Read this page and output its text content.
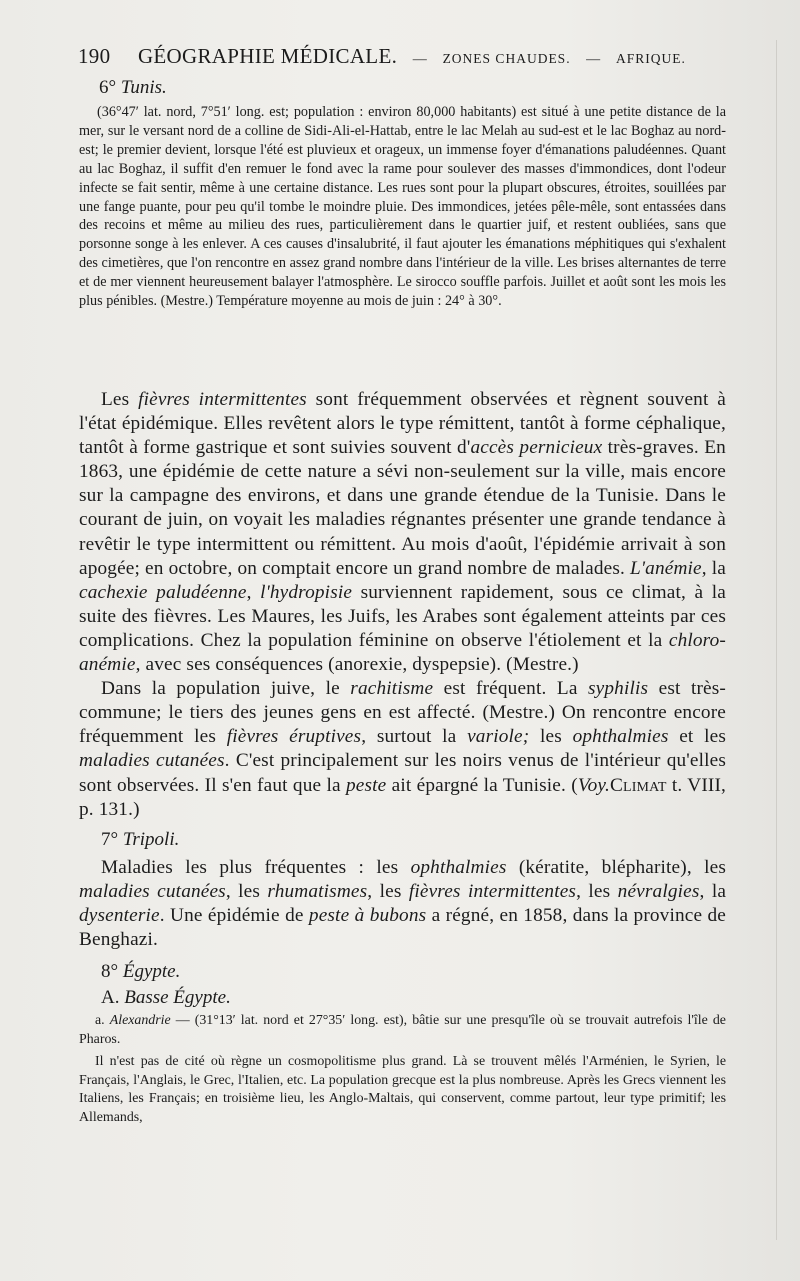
190 GÉOGRAPHIE MÉDICALE. — ZONES CHAUDES. — AFRIQUE.

6° Tunis.

(36°47′ lat. nord, 7°51′ long. est; population : environ 80,000 habitants) est situé à une petite distance de la mer, sur le versant nord de a colline de Sidi-Ali-el-Hattab, entre le lac Melah au sud-est et le lac Boghaz au nord-est; le premier devient, lorsque l'été est pluvieux et orageux, un immense foyer d'émanations paludéennes. Quant au lac Boghaz, il suffit d'en remuer le fond avec la rame pour soulever des masses d'immondices, dont l'odeur infecte se fait sentir, même à une certaine distance. Les rues sont pour la plupart obscures, étroites, souillées par une fange puante, pour peu qu'il tombe le moindre pluie. Des immondices, jetées pêle-mêle, sont entassées dans des recoins et même au milieu des rues, particulièrement dans le quartier juif, et restent oubliées, sans que porsonne songe à les enlever. A ces causes d'insalubrité, il faut ajouter les émanations méphitiques qui s'exhalent des cimetières, que l'on rencontre en assez grand nombre dans l'intérieur de la ville. Les brises alternantes de terre et de mer viennent heureusement balayer l'atmosphère. Le sirocco souffle parfois. Juillet et août sont les mois les plus pénibles. (Mestre.) Température moyenne au mois de juin : 24° à 30°.

Les fièvres intermittentes sont fréquemment observées et règnent souvent à l'état épidémique. Elles revêtent alors le type rémittent, tantôt à forme céphalique, tantôt à forme gastrique et sont suivies souvent d'accès pernicieux très-graves. En 1863, une épidémie de cette nature a sévi non-seulement sur la ville, mais encore sur la campagne des environs, et dans une grande étendue de la Tunisie. Dans le courant de juin, on voyait les maladies régnantes présenter une grande tendance à revêtir le type intermittent ou rémittent. Au mois d'août, l'épidémie arrivait à son apogée; en octobre, on comptait encore un grand nombre de malades. L'anémie, la cachexie paludéenne, l'hydropisie surviennent rapidement, sous ce climat, à la suite des fièvres. Les Maures, les Juifs, les Arabes sont également atteints par ces complications. Chez la population féminine on observe l'étiolement et la chloro-anémie, avec ses conséquences (anorexie, dyspepsie). (Mestre.)

Dans la population juive, le rachitisme est fréquent. La syphilis est très-commune; le tiers des jeunes gens en est affecté. (Mestre.) On rencontre encore fréquemment les fièvres éruptives, surtout la variole; les ophthalmies et les maladies cutanées. C'est principalement sur les noirs venus de l'intérieur qu'elles sont observées. Il s'en faut que la peste ait épargné la Tunisie. (Voy.Climat t. VIII, p. 131.)

7° Tripoli.

Maladies les plus fréquentes : les ophthalmies (kératite, blépharite), les maladies cutanées, les rhumatismes, les fièvres intermittentes, les névralgies, la dysenterie. Une épidémie de peste à bubons a régné, en 1858, dans la province de Benghazi.

8° Égypte.

A. Basse Égypte.

a. Alexandrie — (31°13′ lat. nord et 27°35′ long. est), bâtie sur une presqu'île où se trouvait autrefois l'île de Pharos.

Il n'est pas de cité où règne un cosmopolitisme plus grand. Là se trouvent mêlés l'Arménien, le Syrien, le Français, l'Anglais, le Grec, l'Italien, etc. La population grecque est la plus nombreuse. Après les Grecs viennent les Italiens, les Français; en troisième lieu, les Anglo-Maltais, qui conservent, comme partout, leur type primitif; les Allemands,
